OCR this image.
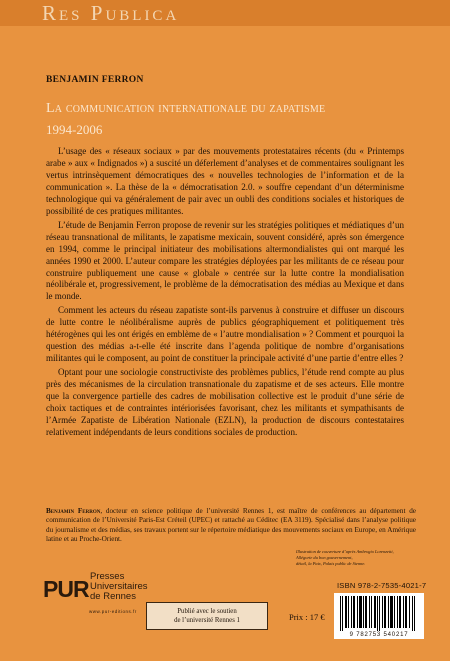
Res Publica
BENJAMIN FERRON
La communication internationale du zapatisme
1994-2006

L’usage des « réseaux sociaux » par des mouvements protestataires récents (du « Printemps arabe » aux « Indignados ») a suscité un déferlement d’analyses et de commentaires soulignant les vertus intrinsèquement démocratiques des « nouvelles technologies de l’information et de la communication ». La thèse de la « démocratisation 2.0. » souffre cependant d’un déterminisme technologique qui va généralement de pair avec un oubli des conditions sociales et historiques de possibilité de ces pratiques militantes.

L’étude de Benjamin Ferron propose de revenir sur les stratégies politiques et médiatiques d’un réseau transnational de militants, le zapatisme mexicain, souvent considéré, après son émergence en 1994, comme le principal initiateur des mobilisations altermondialistes qui ont marqué les années 1990 et 2000. L’auteur compare les stratégies déployées par les militants de ce réseau pour construire publiquement une cause « globale » centrée sur la lutte contre la mondialisation néolibérale et, progressivement, le problème de la démocratisation des médias au Mexique et dans le monde.

Comment les acteurs du réseau zapatiste sont-ils parvenus à construire et diffuser un discours de lutte contre le néolibéralisme auprès de publics géographiquement et politiquement très hétérogènes qui les ont érigés en emblème de « l’autre mondialisation » ? Comment et pourquoi la question des médias a-t-elle été inscrite dans l’agenda politique de nombre d’organisations militantes qui le composent, au point de constituer la principale activité d’une partie d’entre elles ?

Optant pour une sociologie constructiviste des problèmes publics, l’étude rend compte au plus près des mécanismes de la circulation transnationale du zapatisme et de ses acteurs. Elle montre que la convergence partielle des cadres de mobilisation collective est le produit d’une série de choix tactiques et de contraintes intériorisées favorisant, chez les militants et sympathisants de l’Armée Zapatiste de Libération Nationale (EZLN), la production de discours contestataires relativement indépendants de leurs conditions sociales de production.

Benjamin Ferron, docteur en science politique de l’université Rennes 1, est maître de conférences au département de communication de l’Université Paris-Est Créteil (UPEC) et rattaché au Céditec (EA 3119). Spécialisé dans l’analyse politique du journalisme et des médias, ses travaux portent sur le répertoire médiatique des mouvements sociaux en Europe, en Amérique latine et au Proche-Orient.
Illustration de couverture d’après Ambrogio Lorenzetti,
Allégorie du bon gouvernement,
détail, la Paix, Palais public de Sienne.
PUR Presses
Universitaires
de Rennes
www.pur-editions.fr	Publié avec le soutien
de l’université Rennes 1	Prix : 17 €
ISBN 978-2-7535-4021-7
9 782753 540217
